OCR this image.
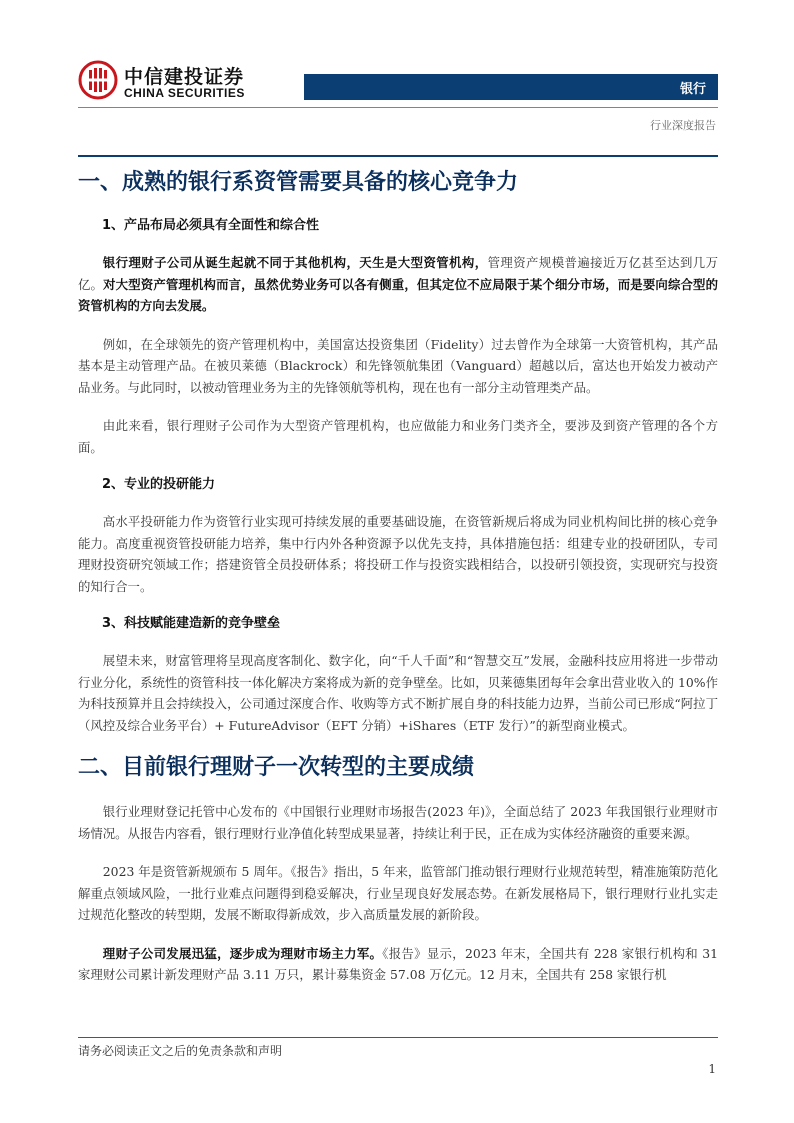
中信建投证券
CHINA SECURITIES	银行
行业深度报告
一、成熟的银行系资管需要具备的核心竞争力
1、产品布局必须具有全面性和综合性

银行理财子公司从诞生起就不同于其他机构，天生是大型资管机构，管理资产规模普遍接近万亿甚至达到几万亿。对大型资产管理机构而言，虽然优势业务可以各有侧重，但其定位不应局限于某个细分市场，而是要向综合型的资管机构的方向去发展。

例如，在全球领先的资产管理机构中，美国富达投资集团（Fidelity）过去曾作为全球第一大资管机构，其产品基本是主动管理产品。在被贝莱德（Blackrock）和先锋领航集团（Vanguard）超越以后，富达也开始发力被动产品业务。与此同时，以被动管理业务为主的先锋领航等机构，现在也有一部分主动管理类产品。

由此来看，银行理财子公司作为大型资产管理机构，也应做能力和业务门类齐全，要涉及到资产管理的各个方面。

2、专业的投研能力

高水平投研能力作为资管行业实现可持续发展的重要基础设施，在资管新规后将成为同业机构间比拼的核心竞争能力。高度重视资管投研能力培养，集中行内外各种资源予以优先支持，具体措施包括：组建专业的投研团队，专司理财投资研究领域工作；搭建资管全员投研体系；将投研工作与投资实践相结合，以投研引领投资，实现研究与投资的知行合一。

3、科技赋能建造新的竞争壁垒

展望未来，财富管理将呈现高度客制化、数字化，向“千人千面”和“智慧交互”发展，金融科技应用将进一步带动行业分化，系统性的资管科技一体化解决方案将成为新的竞争壁垒。比如，贝莱德集团每年会拿出营业收入的 10%作为科技预算并且会持续投入，公司通过深度合作、收购等方式不断扩展自身的科技能力边界，当前公司已形成“阿拉丁（风控及综合业务平台）+ FutureAdvisor（EFT 分销）+iShares（ETF 发行）”的新型商业模式。

二、目前银行理财子一次转型的主要成绩

银行业理财登记托管中心发布的《中国银行业理财市场报告(2023 年)》，全面总结了 2023 年我国银行业理财市场情况。从报告内容看，银行理财行业净值化转型成果显著，持续让利于民，正在成为实体经济融资的重要来源。

2023 年是资管新规颁布 5 周年。《报告》指出，5 年来，监管部门推动银行理财行业规范转型，精准施策防范化解重点领域风险，一批行业难点问题得到稳妥解决，行业呈现良好发展态势。在新发展格局下，银行理财行业扎实走过规范化整改的转型期，发展不断取得新成效，步入高质量发展的新阶段。

理财子公司发展迅猛，逐步成为理财市场主力军。《报告》显示，2023 年末，全国共有 228 家银行机构和 31 家理财公司累计新发理财产品 3.11 万只，累计募集资金 57.08 万亿元。12 月末，全国共有 258 家银行机

请务必阅读正文之后的免责条款和声明
1
